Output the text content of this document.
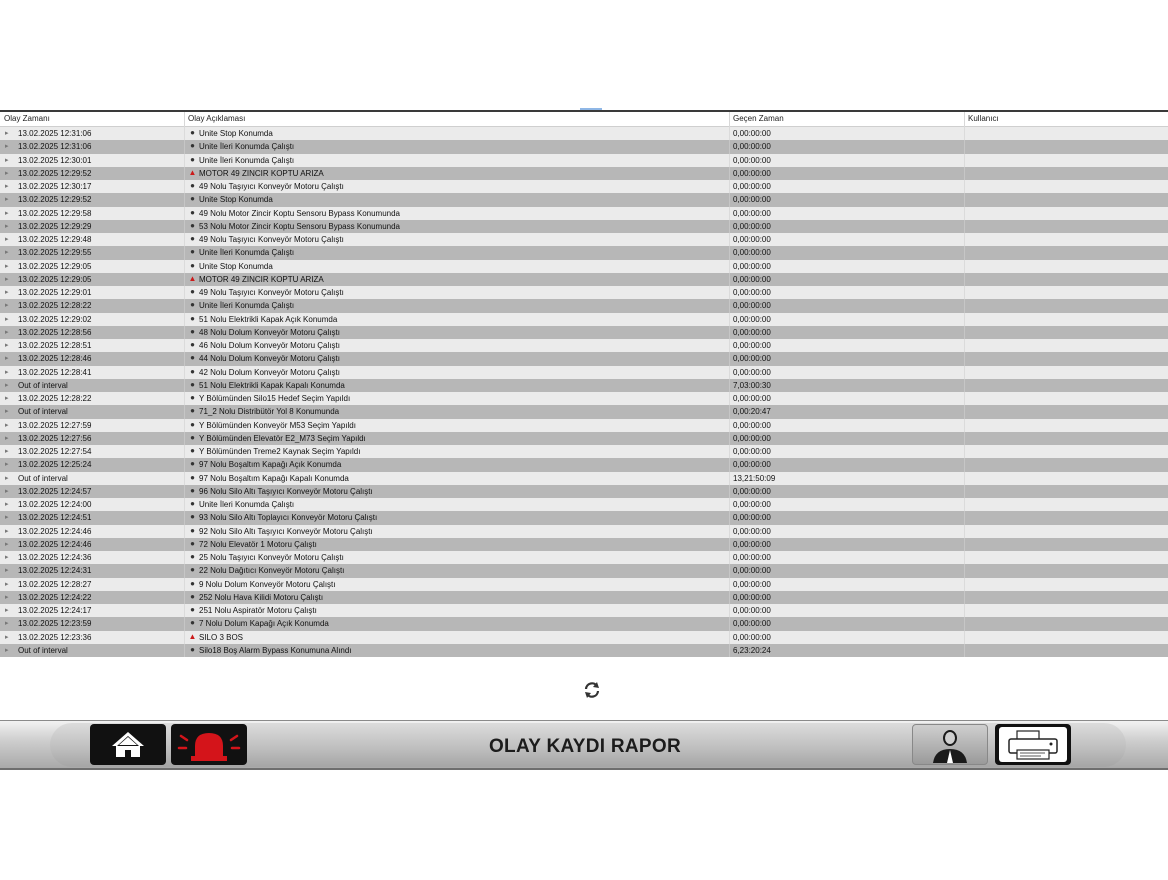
Olay Zamanı	Olay Açıklaması	Geçen Zaman	Kullanıcı
▸ 13.02.2025 12:31:06	● Unite Stop Konumda	0,00:00:00
▸ 13.02.2025 12:31:06	● Unite İleri Konumda Çalıştı	0,00:00:00
▸ 13.02.2025 12:30:01	● Unite İleri Konumda Çalıştı	0,00:00:00
▸ 13.02.2025 12:29:52	▲ MOTOR 49 ZINCIR KOPTU ARIZA	0,00:00:00
▸ 13.02.2025 12:30:17	● 49 Nolu Taşıyıcı Konveyör Motoru Çalıştı	0,00:00:00
▸ 13.02.2025 12:29:52	● Unite Stop Konumda	0,00:00:00
▸ 13.02.2025 12:29:58	● 49 Nolu Motor Zincir Koptu Sensoru Bypass Konumunda	0,00:00:00
▸ 13.02.2025 12:29:29	● 53 Nolu Motor Zincir Koptu Sensoru Bypass Konumunda	0,00:00:00
▸ 13.02.2025 12:29:48	● 49 Nolu Taşıyıcı Konveyör Motoru Çalıştı	0,00:00:00
▸ 13.02.2025 12:29:55	● Unite İleri Konumda Çalıştı	0,00:00:00
▸ 13.02.2025 12:29:05	● Unite Stop Konumda	0,00:00:00
▸ 13.02.2025 12:29:05	▲ MOTOR 49 ZINCIR KOPTU ARIZA	0,00:00:00
▸ 13.02.2025 12:29:01	● 49 Nolu Taşıyıcı Konveyör Motoru Çalıştı	0,00:00:00
▸ 13.02.2025 12:28:22	● Unite İleri Konumda Çalıştı	0,00:00:00
▸ 13.02.2025 12:29:02	● 51 Nolu Elektrikli Kapak Açık Konumda	0,00:00:00
▸ 13.02.2025 12:28:56	● 48 Nolu Dolum Konveyör Motoru Çalıştı	0,00:00:00
▸ 13.02.2025 12:28:51	● 46 Nolu Dolum Konveyör Motoru Çalıştı	0,00:00:00
▸ 13.02.2025 12:28:46	● 44 Nolu Dolum Konveyör Motoru Çalıştı	0,00:00:00
▸ 13.02.2025 12:28:41	● 42 Nolu Dolum Konveyör Motoru Çalıştı	0,00:00:00
▸ Out of interval	● 51 Nolu Elektrikli Kapak Kapalı Konumda	7,03:00:30
▸ 13.02.2025 12:28:22	● Y Bölümünden Silo15 Hedef Seçim Yapıldı	0,00:00:00
▸ Out of interval	● 71_2 Nolu Distribütör Yol 8 Konumunda	0,00:20:47
▸ 13.02.2025 12:27:59	● Y Bölümünden Konveyör M53 Seçim Yapıldı	0,00:00:00
▸ 13.02.2025 12:27:56	● Y Bölümünden Elevatör E2_M73 Seçim Yapıldı	0,00:00:00
▸ 13.02.2025 12:27:54	● Y Bölümünden Treme2 Kaynak Seçim Yapıldı	0,00:00:00
▸ 13.02.2025 12:25:24	● 97 Nolu Boşaltım Kapağı Açık Konumda	0,00:00:00
▸ Out of interval	● 97 Nolu Boşaltım Kapağı Kapalı Konumda	13,21:50:09
▸ 13.02.2025 12:24:57	● 96 Nolu Silo Altı Taşıyıcı Konveyör Motoru Çalıştı	0,00:00:00
▸ 13.02.2025 12:24:00	● Unite İleri Konumda Çalıştı	0,00:00:00
▸ 13.02.2025 12:24:51	● 93 Nolu Silo Altı Toplayıcı Konveyör Motoru Çalıştı	0,00:00:00
▸ 13.02.2025 12:24:46	● 92 Nolu Silo Altı Taşıyıcı Konveyör Motoru Çalıştı	0,00:00:00
▸ 13.02.2025 12:24:46	● 72 Nolu Elevatör 1 Motoru Çalıştı	0,00:00:00
▸ 13.02.2025 12:24:36	● 25 Nolu Taşıyıcı Konveyör Motoru Çalıştı	0,00:00:00
▸ 13.02.2025 12:24:31	● 22 Nolu Dağıtıcı Konveyör Motoru Çalıştı	0,00:00:00
▸ 13.02.2025 12:28:27	● 9 Nolu Dolum Konveyör Motoru Çalıştı	0,00:00:00
▸ 13.02.2025 12:24:22	● 252 Nolu Hava Kilidi Motoru Çalıştı	0,00:00:00
▸ 13.02.2025 12:24:17	● 251 Nolu Aspiratör Motoru Çalıştı	0,00:00:00
▸ 13.02.2025 12:23:59	● 7 Nolu Dolum Kapağı Açık Konumda	0,00:00:00
▸ 13.02.2025 12:23:36	▲ SILO 3 BOS	0,00:00:00
▸ Out of interval	● Silo18 Boş Alarm Bypass Konumuna Alındı	6,23:20:24
OLAY KAYDI RAPOR
